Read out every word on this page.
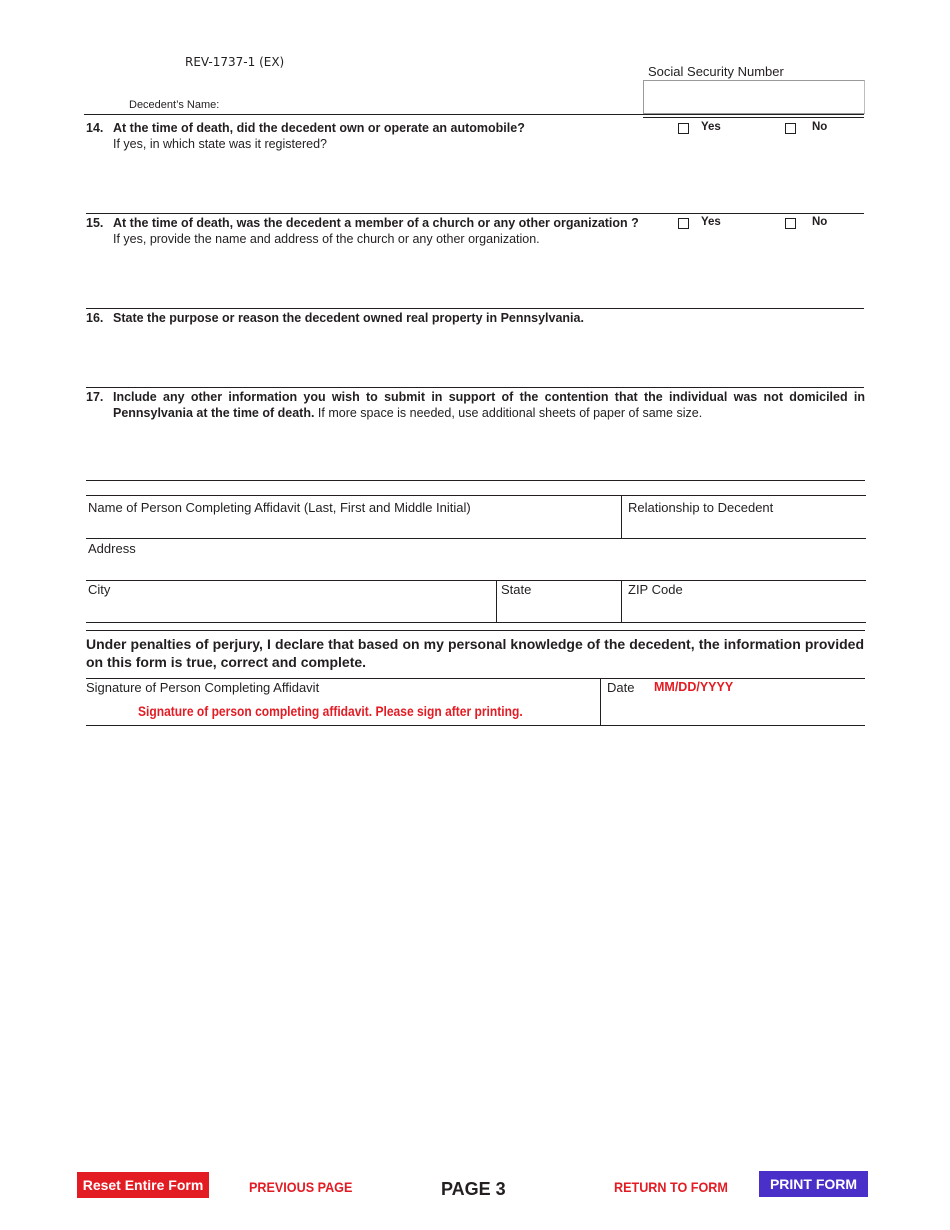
REV-1737-1 (EX)
Social Security Number
Decedent’s Name:
14. At the time of death, did the decedent own or operate an automobile?
If yes, in which state was it registered?
Yes	No
15. At the time of death, was the decedent a member of a church or any other organization ?
If yes, provide the name and address of the church or any other organization.
Yes	No
16. State the purpose or reason the decedent owned real property in Pennsylvania.
17. Include any other information you wish to submit in support of the contention that the individual was not domiciled in Pennsylvania at the time of death. If more space is needed, use additional sheets of paper of same size.
Name of Person Completing Affidavit (Last, First and Middle Initial)	Relationship to Decedent
Address
City	State	ZIP Code
Under penalties of perjury, I declare that based on my personal knowledge of the decedent, the information provided on this form is true, correct and complete.
Signature of Person Completing Affidavit
Signature of person completing affidavit. Please sign after printing.
Date MM/DD/YYYY
Reset Entire Form	PREVIOUS PAGE	PAGE 3	RETURN TO FORM	PRINT FORM
